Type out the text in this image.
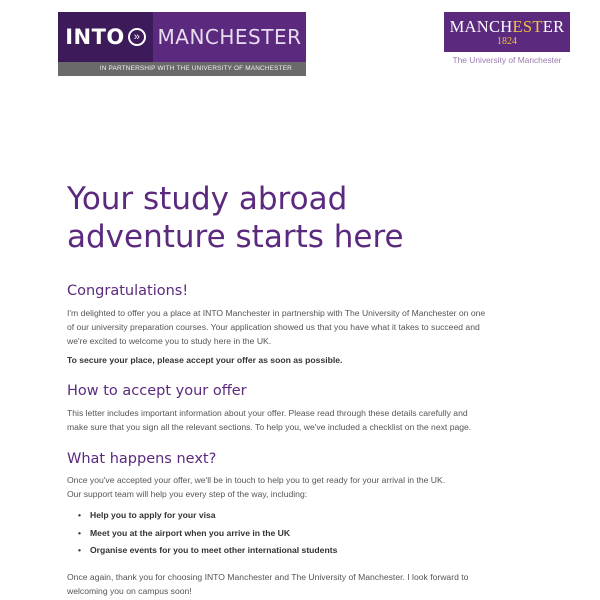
INTO » MANCHESTER
IN PARTNERSHIP WITH THE UNIVERSITY OF MANCHESTER
MANCHESTER
1824
The University of Manchester
Your study abroad
adventure starts here
Congratulations!

I'm delighted to offer you a place at INTO Manchester in partnership with The University of Manchester on one
of our university preparation courses. Your application showed us that you have what it takes to succeed and
we're excited to welcome you to study here in the UK.

To secure your place, please accept your offer as soon as possible.

How to accept your offer

This letter includes important information about your offer. Please read through these details carefully and
make sure that you sign all the relevant sections. To help you, we've included a checklist on the next page.

What happens next?

Once you've accepted your offer, we'll be in touch to help you to get ready for your arrival in the UK.
Our support team will help you every step of the way, including:

• Help you to apply for your visa
• Meet you at the airport when you arrive in the UK
• Organise events for you to meet other international students

Once again, thank you for choosing INTO Manchester and The University of Manchester. I look forward to
welcoming you on campus soon!
